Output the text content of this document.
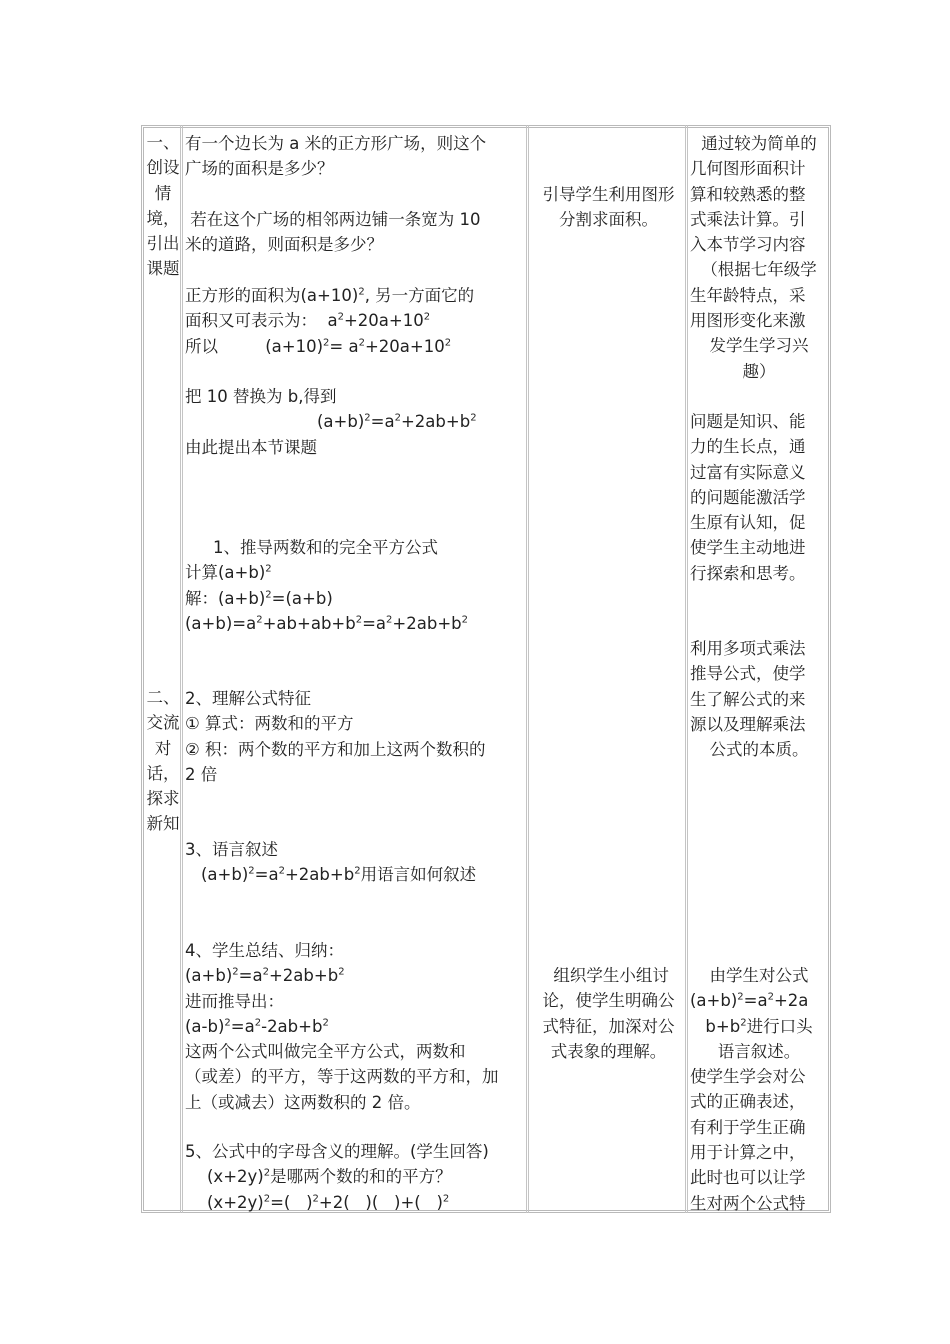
一、
创设
情
境，
引出
课题
二、
交流
对
话，
探求
新知
有一个边长为 a 米的正方形广场，则这个
广场的面积是多少？
若在这个广场的相邻两边铺一条宽为 10
米的道路，则面积是多少？
正方形的面积为$(a+10)^2$, 另一方面它的
面积又可表示为：  $a^2+20a+10^2$
所以         $(a+10)^2= a^2+20a+10^2$
把 10 替换为 b,得到
$(a+b)^2=a^2+2ab+b^2$
由此提出本节课题
1、推导两数和的完全平方公式
计算$(a+b)^2$
解：$(a+b)^2=(a+b)$
$(a+b)=a^2+ab+ab+b^2=a^2+2ab+b^2$
2、理解公式特征
① 算式：两数和的平方
② 积：两个数的平方和加上这两个数积的
2 倍
3、语言叙述
$(a+b)^2=a^2+2ab+b^2$用语言如何叙述
4、学生总结、归纳：
$(a+b)^2=a^2+2ab+b^2$
进而推导出：
$(a-b)^2=a^2-2ab+b^2$
这两个公式叫做完全平方公式，两数和
（或差）的平方，等于这两数的平方和，加
上（或减去）这两数积的 2 倍。
5、公式中的字母含义的理解。(学生回答)
$(x+2y)^2$是哪两个数的和的平方？
$(x+2y)^2=$(   )$^2$+2(   )(   )+(   )$^2$
引导学生利用图形
分割求面积。
组织学生小组讨
论，使学生明确公
式特征，加深对公
式表象的理解。
通过较为简单的
几何图形面积计
算和较熟悉的整
式乘法计算。引
入本节学习内容
（根据七年级学
生年龄特点，采
用图形变化来激
发学生学习兴
趣）
问题是知识、能
力的生长点，通
过富有实际意义
的问题能激活学
生原有认知，促
使学生主动地进
行探索和思考。
利用多项式乘法
推导公式，使学
生了解公式的来
源以及理解乘法
公式的本质。
由学生对公式
$(a+b)^2=a^2+2a$
$b+b^2$进行口头
语言叙述。
使学生学会对公
式的正确表述，
有利于学生正确
用于计算之中，
此时也可以让学
生对两个公式特
